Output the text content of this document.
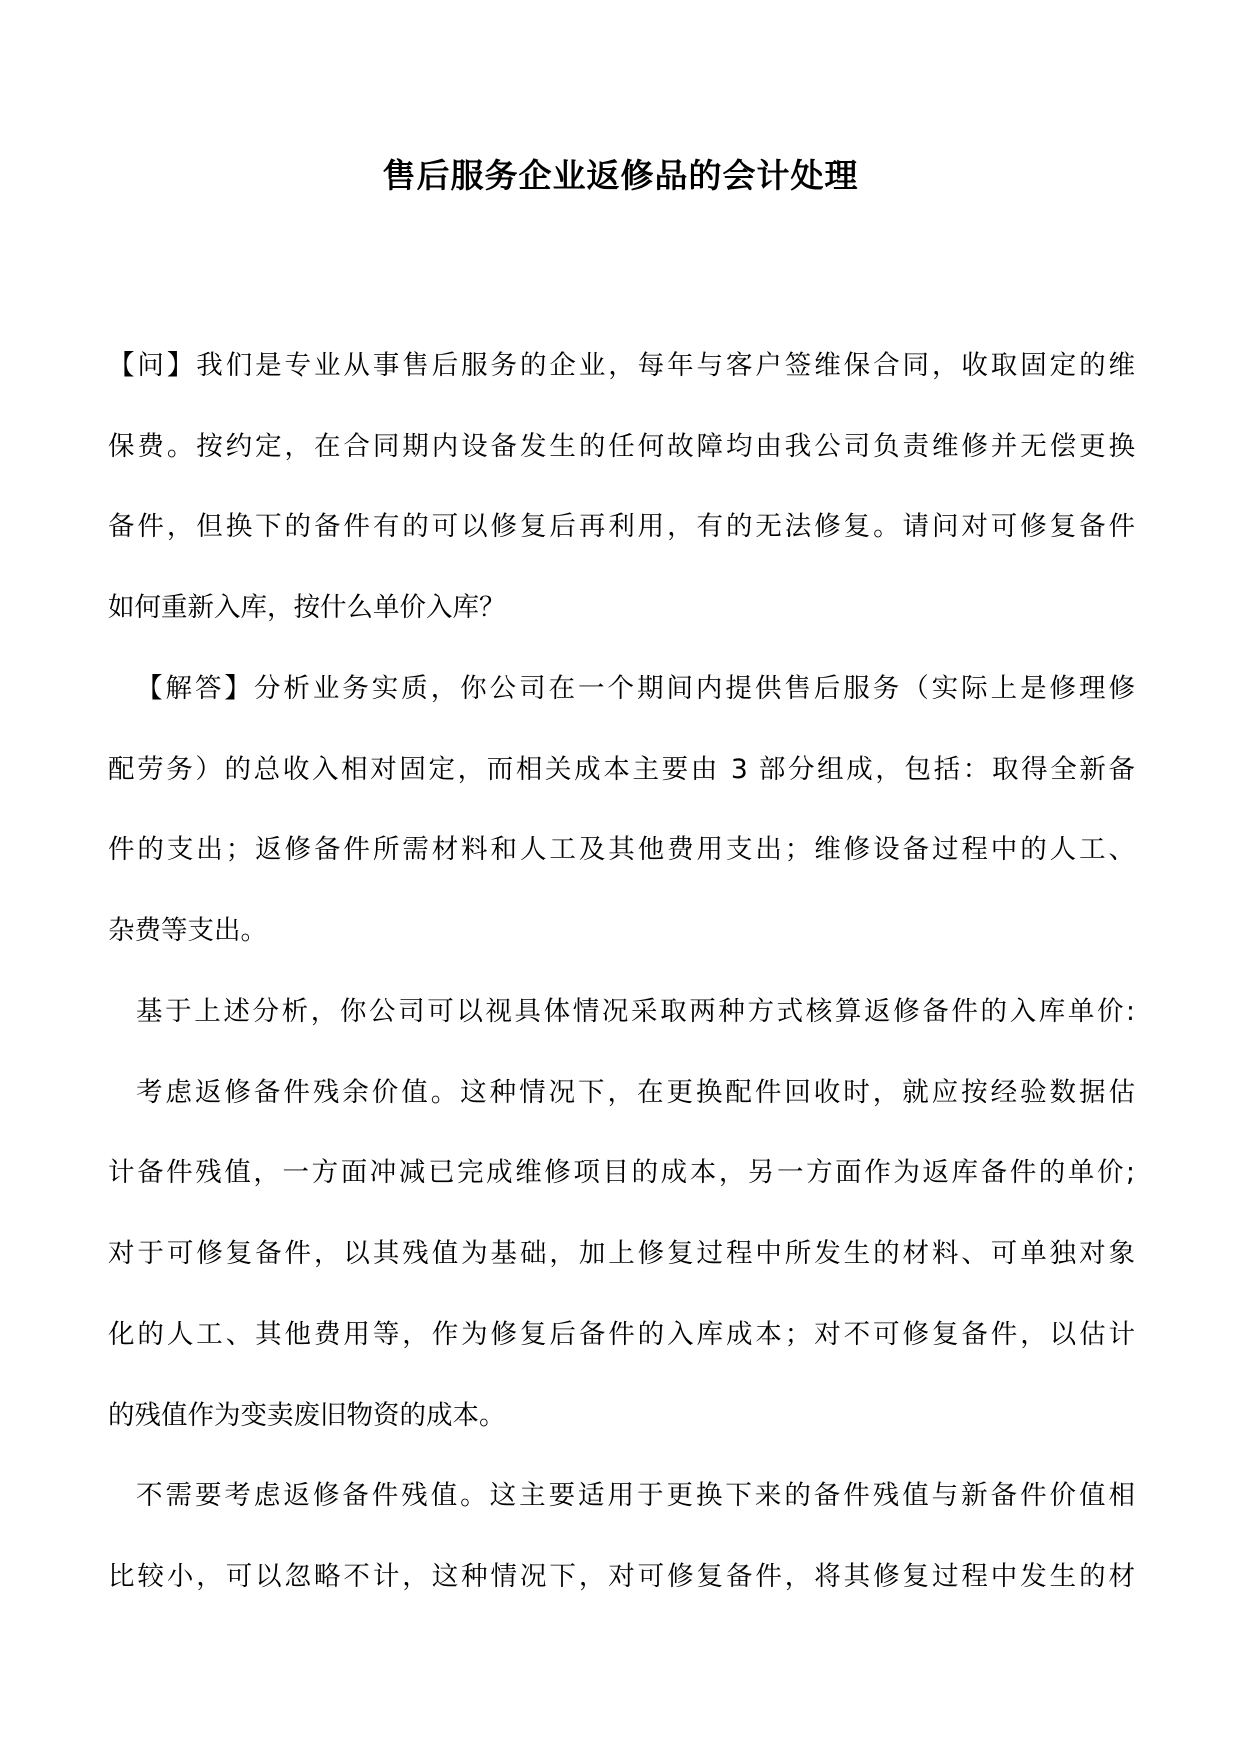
售后服务企业返修品的会计处理

【问】我们是专业从事售后服务的企业，每年与客户签维保合同，收取固定的维

保费。按约定，在合同期内设备发生的任何故障均由我公司负责维修并无偿更换

备件，但换下的备件有的可以修复后再利用，有的无法修复。请问对可修复备件

如何重新入库，按什么单价入库？

【解答】分析业务实质，你公司在一个期间内提供售后服务（实际上是修理修

配劳务）的总收入相对固定，而相关成本主要由 3 部分组成，包括：取得全新备

件的支出；返修备件所需材料和人工及其他费用支出；维修设备过程中的人工、

杂费等支出。

基于上述分析，你公司可以视具体情况采取两种方式核算返修备件的入库单价:

考虑返修备件残余价值。这种情况下，在更换配件回收时，就应按经验数据估

计备件残值，一方面冲减已完成维修项目的成本，另一方面作为返库备件的单价;

对于可修复备件，以其残值为基础，加上修复过程中所发生的材料、可单独对象

化的人工、其他费用等，作为修复后备件的入库成本；对不可修复备件，以估计

的残值作为变卖废旧物资的成本。

不需要考虑返修备件残值。这主要适用于更换下来的备件残值与新备件价值相

比较小，可以忽略不计，这种情况下，对可修复备件，将其修复过程中发生的材
